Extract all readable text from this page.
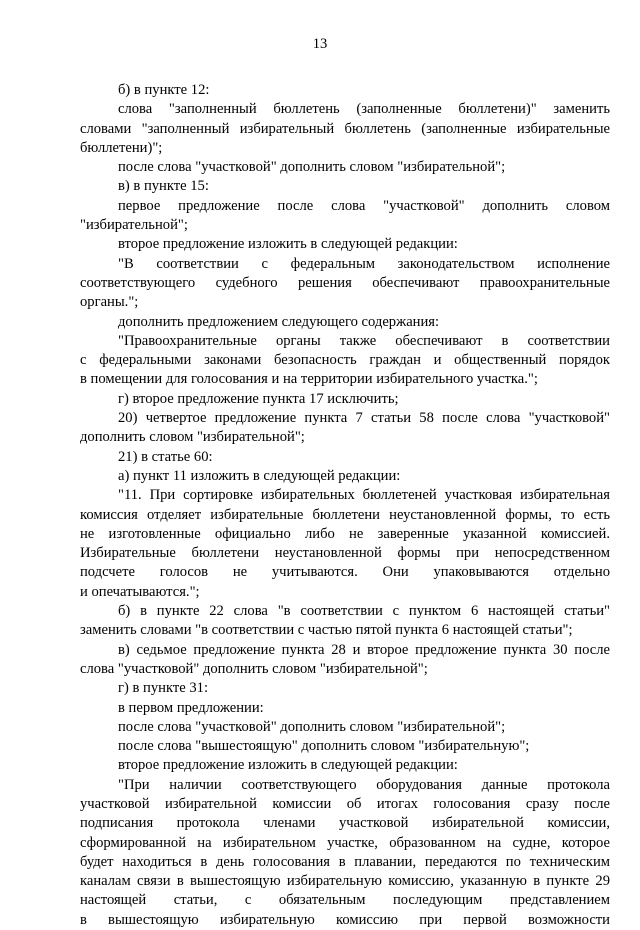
13
б) в пункте 12:
слова "заполненный бюллетень (заполненные бюллетени)" заменить
словами "заполненный избирательный бюллетень (заполненные избирательные
бюллетени)";
после слова "участковой" дополнить словом "избирательной";
в) в пункте 15:
первое предложение после слова "участковой" дополнить словом
"избирательной";
второе предложение изложить в следующей редакции:
"В соответствии с федеральным законодательством исполнение
соответствующего судебного решения обеспечивают правоохранительные
органы.";
дополнить предложением следующего содержания:
"Правоохранительные органы также обеспечивают в соответствии
с федеральными законами безопасность граждан и общественный порядок
в помещении для голосования и на территории избирательного участка.";
г) второе предложение пункта 17 исключить;
20) четвертое предложение пункта 7 статьи 58 после слова "участковой"
дополнить словом "избирательной";
21) в статье 60:
а) пункт 11 изложить в следующей редакции:
"11. При сортировке избирательных бюллетеней участковая избирательная
комиссия отделяет избирательные бюллетени неустановленной формы, то есть
не изготовленные официально либо не заверенные указанной комиссией.
Избирательные бюллетени неустановленной формы при непосредственном
подсчете голосов не учитываются. Они упаковываются отдельно
и опечатываются.";
б) в пункте 22 слова "в соответствии с пунктом 6 настоящей статьи"
заменить словами "в соответствии с частью пятой пункта 6 настоящей статьи";
в) седьмое предложение пункта 28 и второе предложение пункта 30 после
слова "участковой" дополнить словом "избирательной";
г) в пункте 31:
в первом предложении:
после слова "участковой" дополнить словом "избирательной";
после слова "вышестоящую" дополнить словом "избирательную";
второе предложение изложить в следующей редакции:
"При наличии соответствующего оборудования данные протокола
участковой избирательной комиссии об итогах голосования сразу после
подписания протокола членами участковой избирательной комиссии,
сформированной на избирательном участке, образованном на судне, которое
будет находиться в день голосования в плавании, передаются по техническим
каналам связи в вышестоящую избирательную комиссию, указанную в пункте 29
настоящей статьи, с обязательным последующим представлением
в вышестоящую избирательную комиссию при первой возможности
